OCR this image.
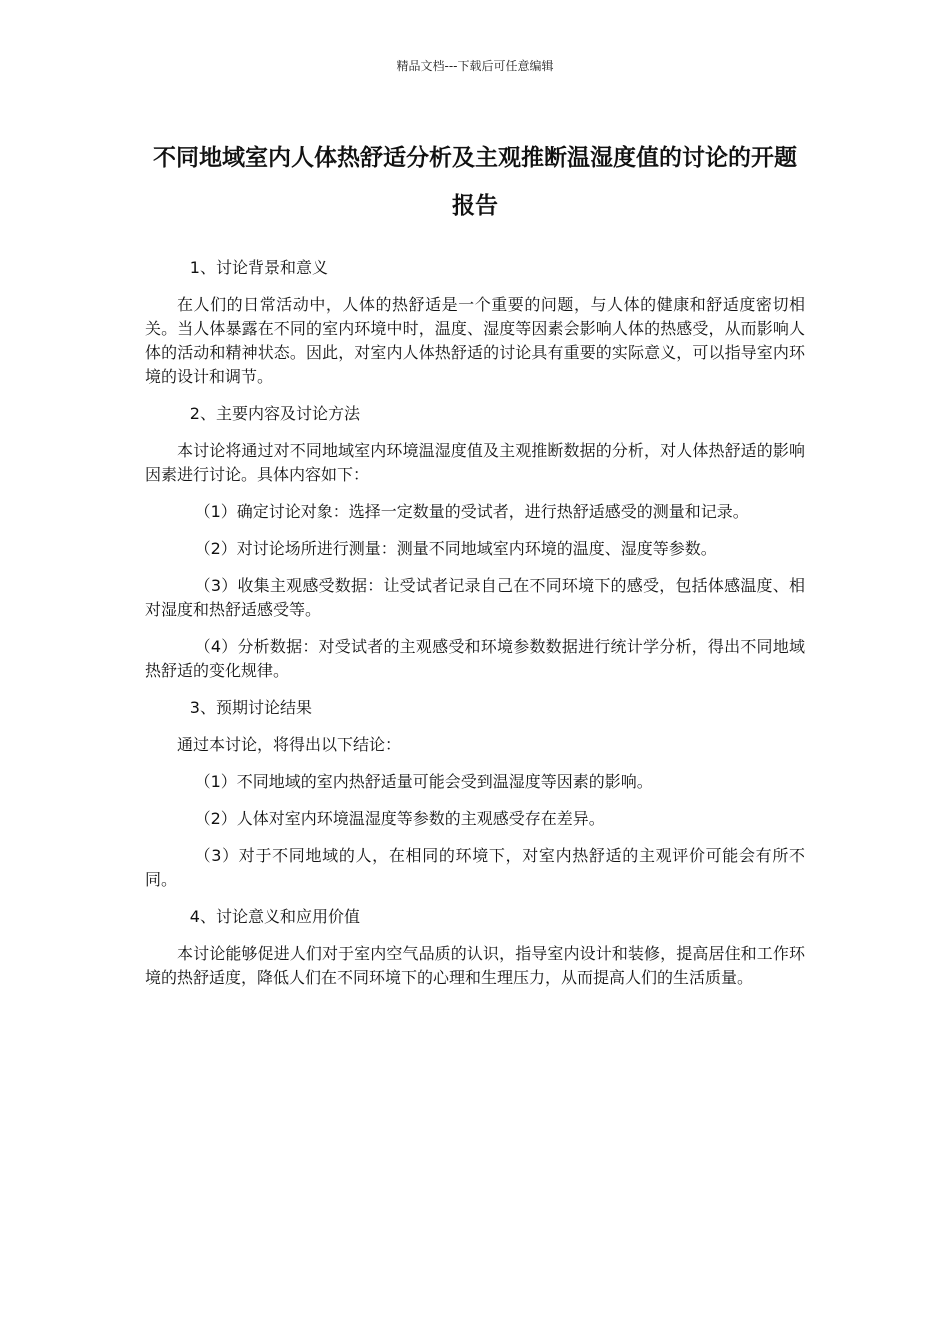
精品文档---下载后可任意编辑
不同地域室内人体热舒适分析及主观推断温湿度值的讨论的开题报告

1、讨论背景和意义

在人们的日常活动中，人体的热舒适是一个重要的问题，与人体的健康和舒适度密切相关。当人体暴露在不同的室内环境中时，温度、湿度等因素会影响人体的热感受，从而影响人体的活动和精神状态。因此，对室内人体热舒适的讨论具有重要的实际意义，可以指导室内环境的设计和调节。

2、主要内容及讨论方法

本讨论将通过对不同地域室内环境温湿度值及主观推断数据的分析，对人体热舒适的影响因素进行讨论。具体内容如下：

（1）确定讨论对象：选择一定数量的受试者，进行热舒适感受的测量和记录。

（2）对讨论场所进行测量：测量不同地域室内环境的温度、湿度等参数。

（3）收集主观感受数据：让受试者记录自己在不同环境下的感受，包括体感温度、相对湿度和热舒适感受等。

（4）分析数据：对受试者的主观感受和环境参数数据进行统计学分析，得出不同地域热舒适的变化规律。

3、预期讨论结果

通过本讨论，将得出以下结论：

（1）不同地域的室内热舒适量可能会受到温湿度等因素的影响。

（2）人体对室内环境温湿度等参数的主观感受存在差异。

（3）对于不同地域的人，在相同的环境下，对室内热舒适的主观评价可能会有所不同。

4、讨论意义和应用价值

本讨论能够促进人们对于室内空气品质的认识，指导室内设计和装修，提高居住和工作环境的热舒适度，降低人们在不同环境下的心理和生理压力，从而提高人们的生活质量。
